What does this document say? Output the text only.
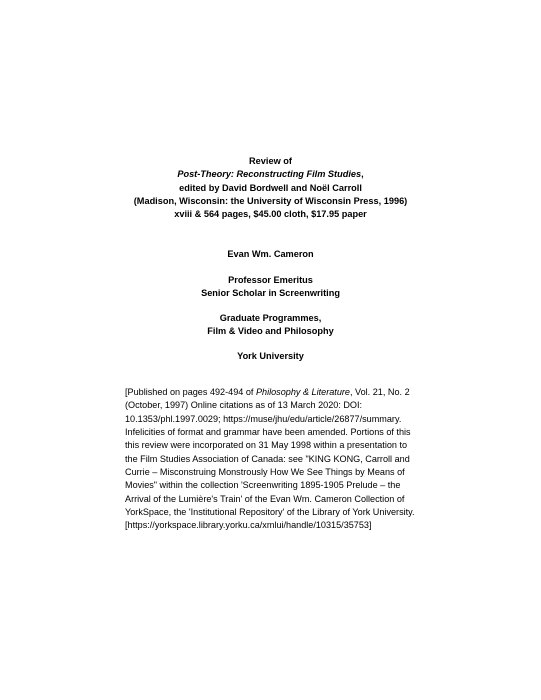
Review of
Post-Theory: Reconstructing Film Studies,
edited by David Bordwell and Noël Carroll
(Madison, Wisconsin: the University of Wisconsin Press, 1996)
xviii & 564 pages, $45.00 cloth, $17.95 paper
Evan Wm. Cameron
Professor Emeritus
Senior Scholar in Screenwriting
Graduate Programmes,
Film & Video and Philosophy
York University
[Published on pages 492-494 of Philosophy & Literature, Vol. 21, No. 2
(October, 1997) Online citations as of 13 March 2020: DOI:
10.1353/phl.1997.0029; https://muse/jhu/edu/article/26877/summary.
Infelicities of format and grammar have been amended. Portions of this
this review were incorporated on 31 May 1998 within a presentation to
the Film Studies Association of Canada: see "KING KONG, Carroll and
Currie – Misconstruing Monstrously How We See Things by Means of
Movies" within the collection 'Screenwriting 1895-1905 Prelude – the
Arrival of the Lumière's Train' of the Evan Wm. Cameron Collection of
YorkSpace, the 'Institutional Repository' of the Library of York University.
[https://yorkspace.library.yorku.ca/xmlui/handle/10315/35753]
